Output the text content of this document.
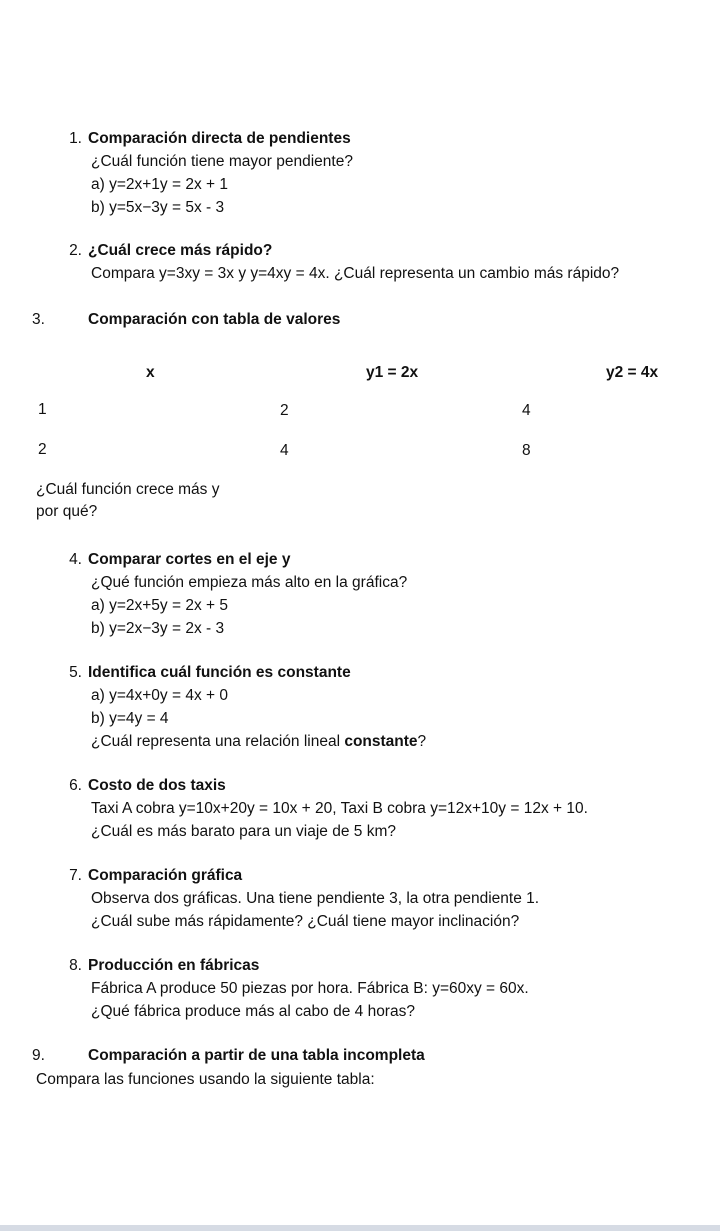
1. Comparación directa de pendientes
¿Cuál función tiene mayor pendiente?
a) y=2x+1y = 2x + 1
b) y=5x−3y = 5x - 3
2. ¿Cuál crece más rápido?
Compara y=3xy = 3x y y=4xy = 4x. ¿Cuál representa un cambio más rápido?
3.	Comparación con tabla de valores
x	y1 = 2x	y2 = 4x
1	2	4
2	4	8
¿Cuál función crece más y
por qué?
4. Comparar cortes en el eje y
¿Qué función empieza más alto en la gráfica?
a) y=2x+5y = 2x + 5
b) y=2x−3y = 2x - 3
5. Identifica cuál función es constante
a) y=4x+0y = 4x + 0
b) y=4y = 4
¿Cuál representa una relación lineal constante?
6. Costo de dos taxis
Taxi A cobra y=10x+20y = 10x + 20, Taxi B cobra y=12x+10y = 12x + 10.
¿Cuál es más barato para un viaje de 5 km?
7. Comparación gráfica
Observa dos gráficas. Una tiene pendiente 3, la otra pendiente 1.
¿Cuál sube más rápidamente? ¿Cuál tiene mayor inclinación?
8. Producción en fábricas
Fábrica A produce 50 piezas por hora. Fábrica B: y=60xy = 60x.
¿Qué fábrica produce más al cabo de 4 horas?
9.	Comparación a partir de una tabla incompleta
Compara las funciones usando la siguiente tabla:
